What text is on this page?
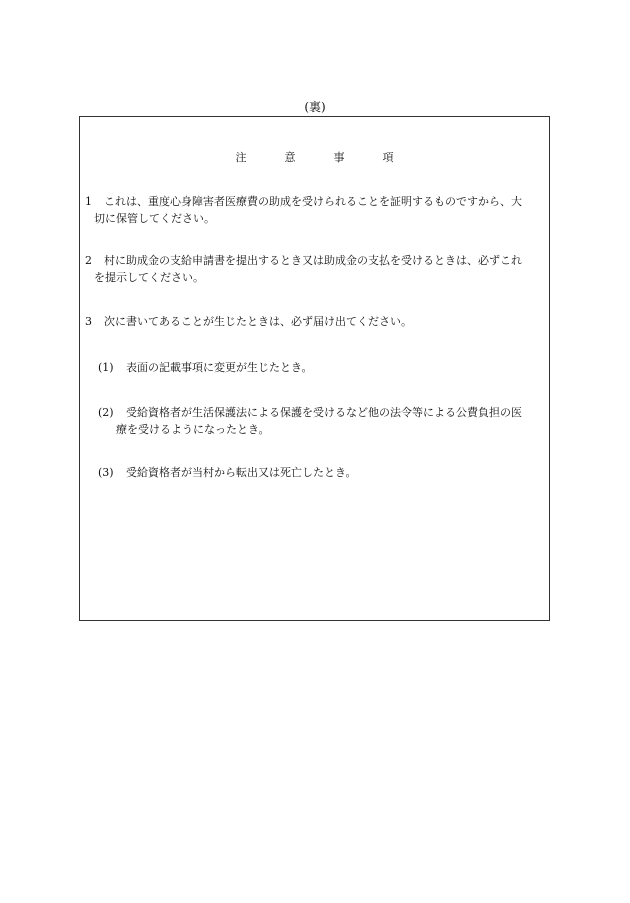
(裏)
注	意	事	項
1 これは、重度心身障害者医療費の助成を受けられることを証明するものですから、大
切に保管してください。
2 村に助成金の支給申請書を提出するとき又は助成金の支払を受けるときは、必ずこれ
を提示してください。
3 次に書いてあることが生じたときは、必ず届け出てください。
(1) 表面の記載事項に変更が生じたとき。
(2) 受給資格者が生活保護法による保護を受けるなど他の法令等による公費負担の医
療を受けるようになったとき。
(3) 受給資格者が当村から転出又は死亡したとき。
